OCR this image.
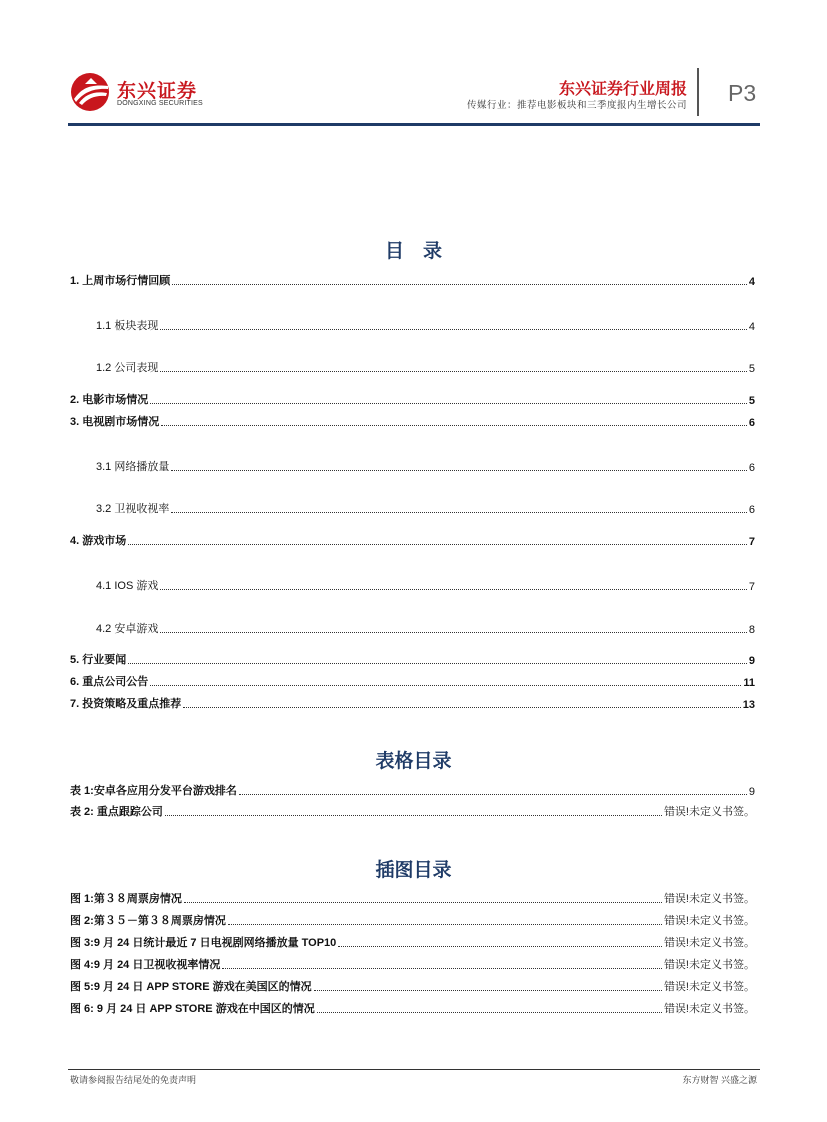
东兴证券
DONGXING SECURITIES
东兴证券行业周报
传媒行业：推荐电影板块和三季度报内生增长公司 P3
目　录
1. 上周市场行情回顾	4
1.1 板块表现	4
1.2 公司表现	5
2. 电影市场情况	5
3. 电视剧市场情况	6
3.1 网络播放量	6
3.2 卫视收视率	6
4. 游戏市场	7
4.1 IOS 游戏	7
4.2 安卓游戏	8
5. 行业要闻	9
6. 重点公司公告	11
7. 投资策略及重点推荐	13
表格目录
表 1:安卓各应用分发平台游戏排名	9
表 2: 重点跟踪公司	错误!未定义书签。
插图目录
图 1:第３８周票房情况	错误!未定义书签。
图 2:第３５－第３８周票房情况	错误!未定义书签。
图 3:9 月 24 日统计最近 7 日电视剧网络播放量 TOP10	错误!未定义书签。
图 4:9 月 24 日卫视收视率情况	错误!未定义书签。
图 5:9 月 24 日 APP STORE 游戏在美国区的情况	错误!未定义书签。
图 6: 9 月 24 日 APP STORE 游戏在中国区的情况	错误!未定义书签。
敬请参阅报告结尾处的免责声明	东方财智 兴盛之源
